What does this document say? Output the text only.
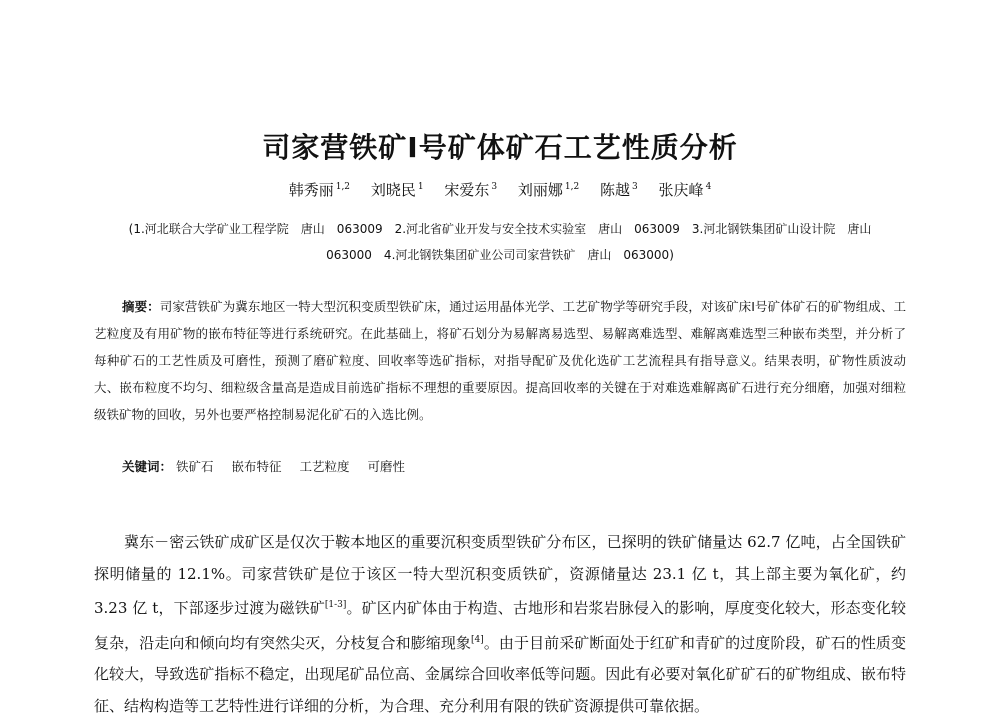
司家营铁矿Ⅰ号矿体矿石工艺性质分析
韩秀丽 $^{1,2}$ 刘晓民 $^1$ 宋爱东 $^3$ 刘丽娜 $^{1,2}$ 陈越 $^3$ 张庆峰 $^4$
(1.河北联合大学矿业工程学院　唐山　063009　2.河北省矿业开发与安全技术实验室　唐山　063009　3.河北钢铁集团矿山设计院　唐山　063000　4.河北钢铁集团矿业公司司家营铁矿　唐山　063000)
摘要：司家营铁矿为冀东地区一特大型沉积变质型铁矿床，通过运用晶体光学、工艺矿物学等研究手段，对该矿床Ⅰ号矿体矿石的矿物组成、工艺粒度及有用矿物的嵌布特征等进行系统研究。在此基础上，将矿石划分为易解离易选型、易解离难选型、难解离难选型三种嵌布类型，并分析了每种矿石的工艺性质及可磨性，预测了磨矿粒度、回收率等选矿指标，对指导配矿及优化选矿工艺流程具有指导意义。结果表明，矿物性质波动大、嵌布粒度不均匀、细粒级含量高是造成目前选矿指标不理想的重要原因。提高回收率的关键在于对难选难解离矿石进行充分细磨，加强对细粒级铁矿物的回收，另外也要严格控制易泥化矿石的入选比例。
关键词： 铁矿石 嵌布特征 工艺粒度 可磨性
冀东－密云铁矿成矿区是仅次于鞍本地区的重要沉积变质型铁矿分布区，已探明的铁矿储量达 62.7 亿吨，占全国铁矿探明储量的 12.1%。司家营铁矿是位于该区一特大型沉积变质铁矿，资源储量达 23.1 亿 t，其上部主要为氧化矿，约 3.23 亿 t，下部逐步过渡为磁铁矿[1-3]。矿区内矿体由于构造、古地形和岩浆岩脉侵入的影响，厚度变化较大，形态变化较复杂，沿走向和倾向均有突然尖灭，分枝复合和膨缩现象[4]。由于目前采矿断面处于红矿和青矿的过度阶段，矿石的性质变化较大，导致选矿指标不稳定，出现尾矿品位高、金属综合回收率低等问题。因此有必要对氧化矿矿石的矿物组成、嵌布特征、结构构造等工艺特性进行详细的分析，为合理、充分利用有限的铁矿资源提供可靠依据。
